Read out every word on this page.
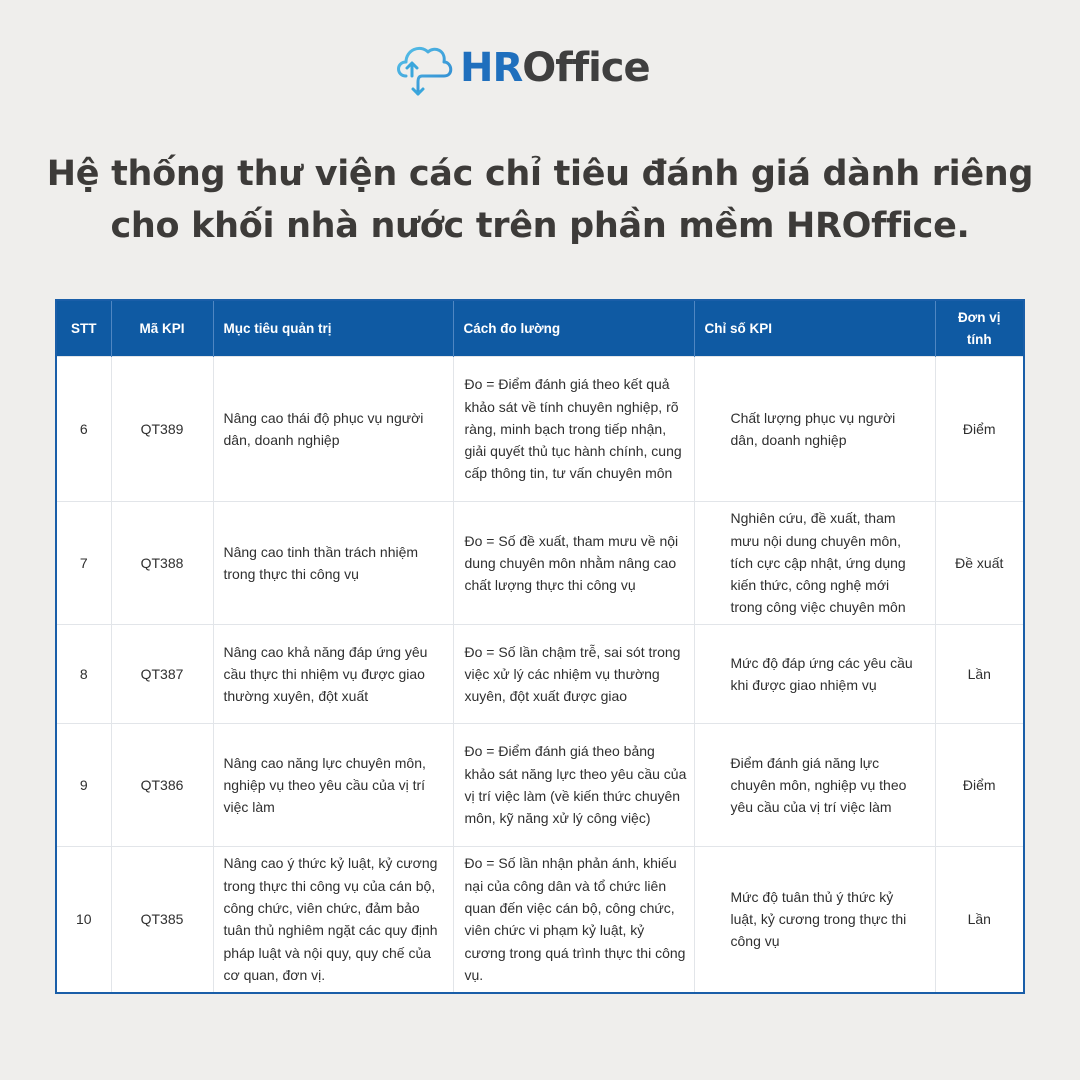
HROffice
Hệ thống thư viện các chỉ tiêu đánh giá dành riêng
cho khối nhà nước trên phần mềm HROffice.
STT	Mã KPI	Mục tiêu quản trị	Cách đo lường	Chỉ số KPI	Đơn vị tính
6	QT389	Nâng cao thái độ phục vụ người dân, doanh nghiệp	Đo = Điểm đánh giá theo kết quả khảo sát về tính chuyên nghiệp, rõ ràng, minh bạch trong tiếp nhận, giải quyết thủ tục hành chính, cung cấp thông tin, tư vấn chuyên môn	Chất lượng phục vụ người dân, doanh nghiệp	Điểm
7	QT388	Nâng cao tinh thần trách nhiệm trong thực thi công vụ	Đo = Số đề xuất, tham mưu về nội dung chuyên môn nhằm nâng cao chất lượng thực thi công vụ	Nghiên cứu, đề xuất, tham mưu nội dung chuyên môn, tích cực cập nhật, ứng dụng kiến thức, công nghệ mới trong công việc chuyên môn	Đề xuất
8	QT387	Nâng cao khả năng đáp ứng yêu cầu thực thi nhiệm vụ được giao thường xuyên, đột xuất	Đo = Số lần chậm trễ, sai sót trong việc xử lý các nhiệm vụ thường xuyên, đột xuất được giao	Mức độ đáp ứng các yêu cầu khi được giao nhiệm vụ	Lần
9	QT386	Nâng cao năng lực chuyên môn, nghiệp vụ theo yêu cầu của vị trí việc làm	Đo = Điểm đánh giá theo bảng khảo sát năng lực theo yêu cầu của vị trí việc làm (về kiến thức chuyên môn, kỹ năng xử lý công việc)	Điểm đánh giá năng lực chuyên môn, nghiệp vụ theo yêu cầu của vị trí việc làm	Điểm
10	QT385	Nâng cao ý thức kỷ luật, kỷ cương trong thực thi công vụ của cán bộ, công chức, viên chức, đảm bảo tuân thủ nghiêm ngặt các quy định pháp luật và nội quy, quy chế của cơ quan, đơn vị.	Đo = Số lần nhận phản ánh, khiếu nại của công dân và tổ chức liên quan đến việc cán bộ, công chức, viên chức vi phạm kỷ luật, kỷ cương trong quá trình thực thi công vụ.	Mức độ tuân thủ ý thức kỷ luật, kỷ cương trong thực thi công vụ	Lần
